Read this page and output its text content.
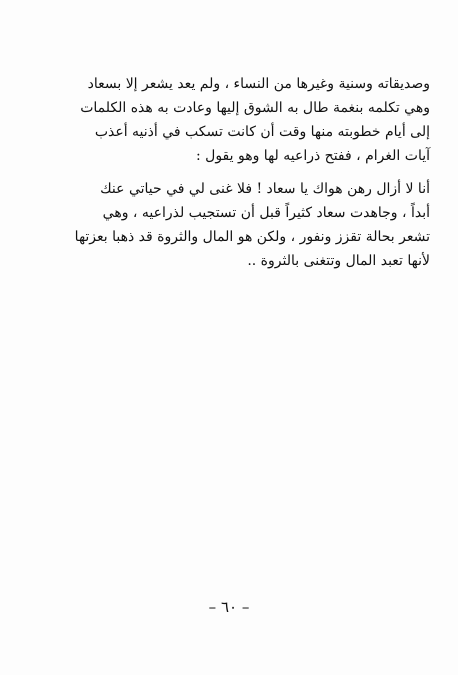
وصديقاته وسنية وغيرها من النساء ، ولم يعد يشعر إلا بسعاد
وهي تكلمه بنغمة طال به الشوق إليها وعادت به هذه الكلمات
إلى أيام خطوبته منها وقت أن كانت تسكب في أذنيه أعذب
آيات الغرام ، ففتح ذراعيه لها وهو يقول :
أنا لا أزال رهن هواك يا سعاد ! فلا غنى لي في حياتي عنك
أبداً ، وجاهدت سعاد كثيراً قبل أن تستجيب لذراعيه ، وهي
تشعر بحالة تقزز ونفور ، ولكن هو المال والثروة قد ذهبا بعزتها
لأنها تعبد المال وتتغنى بالثروة ..
– ٦٠ –
